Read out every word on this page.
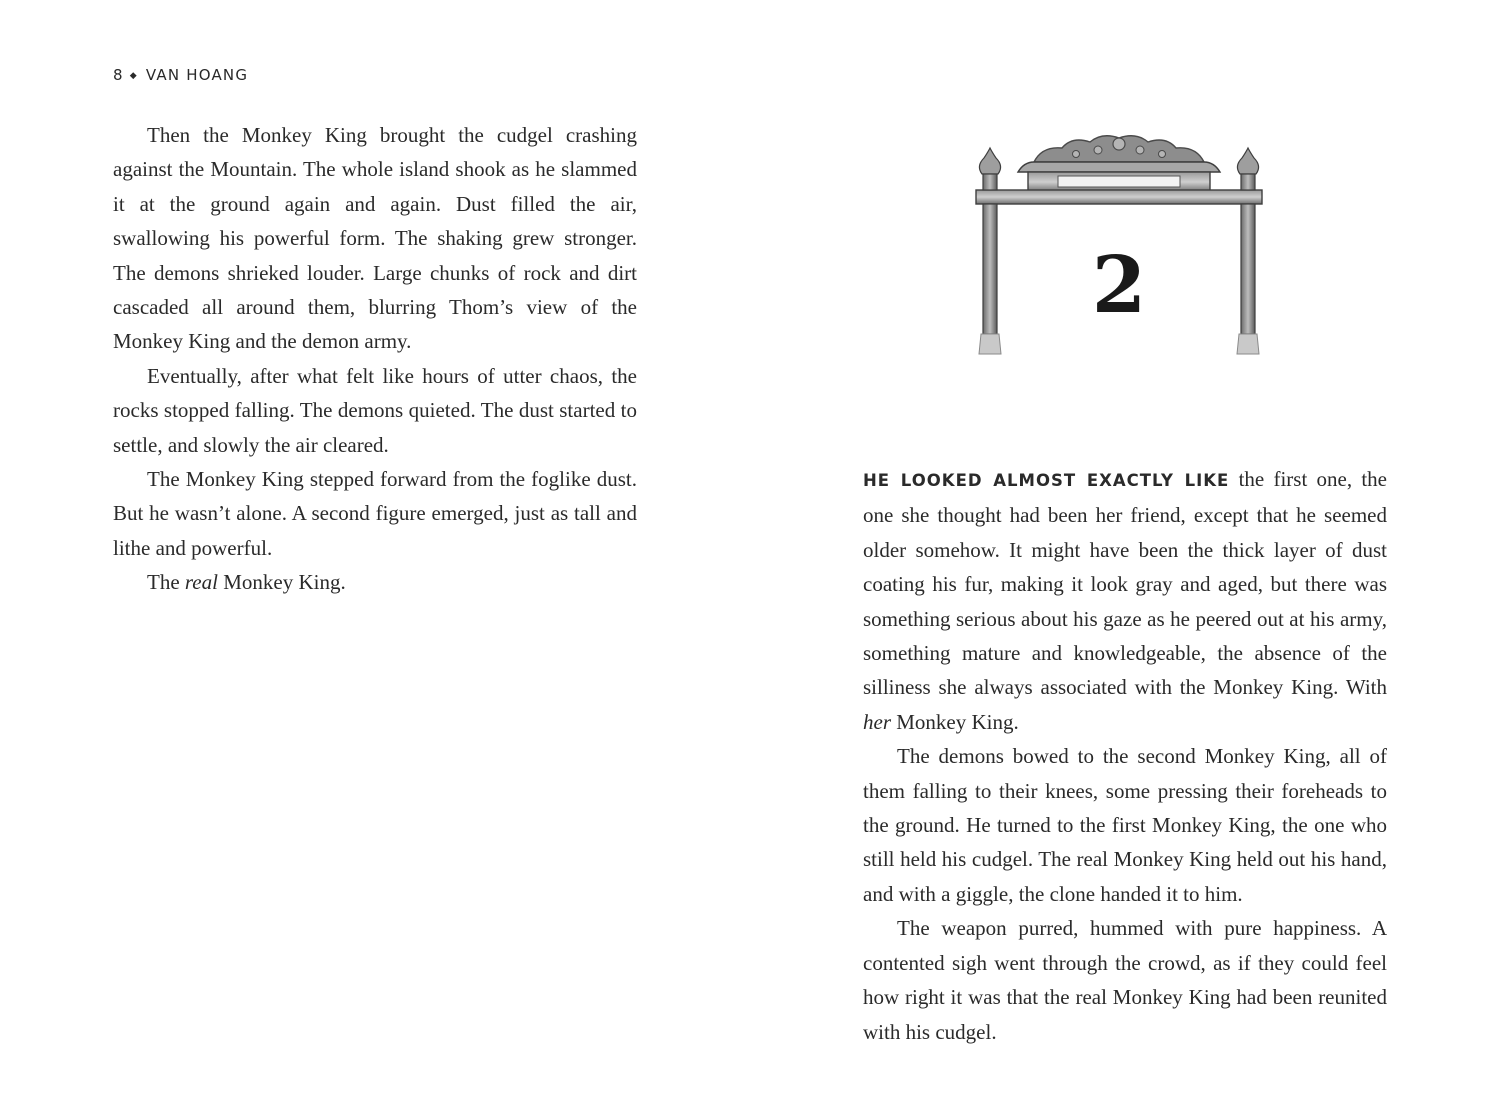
8 ◆ VAN HOANG

Then the Monkey King brought the cudgel crashing against the Mountain. The whole island shook as he slammed it at the ground again and again. Dust filled the air, swallowing his powerful form. The shaking grew stronger. The demons shrieked louder. Large chunks of rock and dirt cascaded all around them, blurring Thom’s view of the Monkey King and the demon army.

Eventually, after what felt like hours of utter chaos, the rocks stopped falling. The demons quieted. The dust started to settle, and slowly the air cleared.

The Monkey King stepped forward from the foglike dust. But he wasn’t alone. A second figure emerged, just as tall and lithe and powerful.

The real Monkey King.

2

HE LOOKED ALMOST EXACTLY LIKE the first one, the one she thought had been her friend, except that he seemed older somehow. It might have been the thick layer of dust coating his fur, making it look gray and aged, but there was something serious about his gaze as he peered out at his army, something mature and knowledgeable, the absence of the silliness she always associated with the Monkey King. With her Monkey King.

The demons bowed to the second Monkey King, all of them falling to their knees, some pressing their foreheads to the ground. He turned to the first Monkey King, the one who still held his cudgel. The real Monkey King held out his hand, and with a giggle, the clone handed it to him.

The weapon purred, hummed with pure happiness. A contented sigh went through the crowd, as if they could feel how right it was that the real Monkey King had been reunited with his cudgel.
